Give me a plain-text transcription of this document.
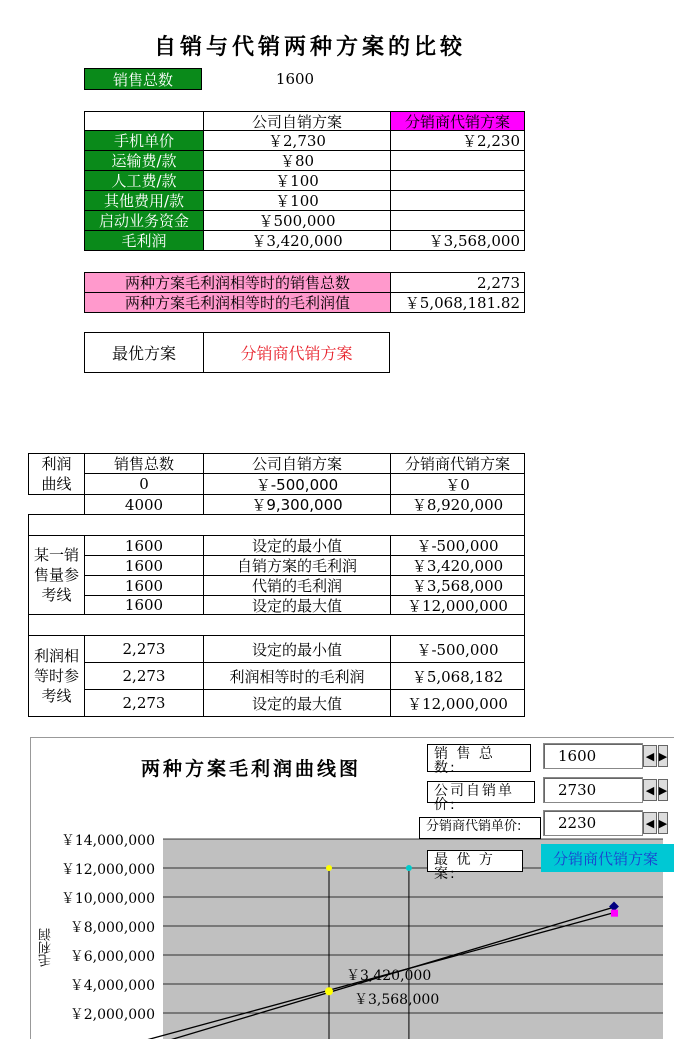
自销与代销两种方案的比较
销售总数	1600
公司自销方案	分销商代销方案
手机单价	￥2,730	￥2,230
运输费/款	￥80
人工费/款	￥100
其他费用/款	￥100
启动业务资金	￥500,000
毛利润	￥3,420,000	￥3,568,000
两种方案毛利润相等时的销售总数	2,273
两种方案毛利润相等时的毛利润值	￥5,068,181.82
最优方案	分销商代销方案
利润曲线
销售总数	公司自销方案	分销商代销方案
0	￥-500,000	￥0
4000	￥9,300,000	￥8,920,000
某一销售量参考线
1600	设定的最小值	￥-500,000
1600	自销方案的毛利润	￥3,420,000
1600	代销的毛利润	￥3,568,000
1600	设定的最大值	￥12,000,000
利润相等时参考线
2,273	设定的最小值	￥-500,000
2,273	利润相等时的毛利润	￥5,068,182
2,273	设定的最大值	￥12,000,000
两种方案毛利润曲线图
毛利润
销 售 总 数:
1600	◀ ▶
公司自销单价:
2730	◀ ▶
分销商代销单价:	2230	◀ ▶
最 优 方 案:
分销商代销方案
￥3,420,000
￥3,568,000
￥14,000,000
￥12,000,000
￥10,000,000
￥8,000,000
￥6,000,000
￥4,000,000
￥2,000,000
